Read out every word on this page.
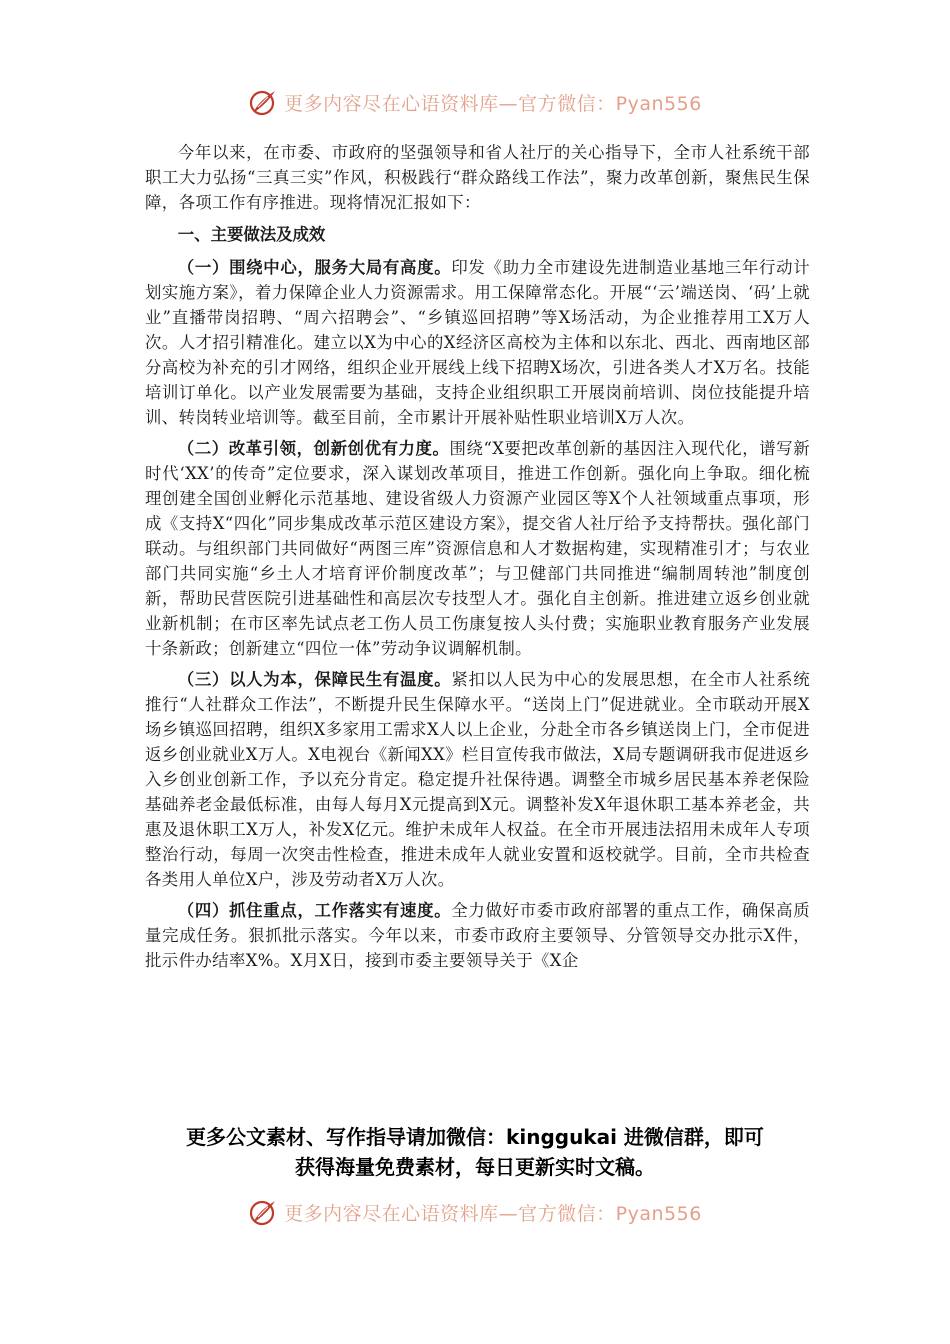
更多内容尽在心语资料库—官方微信：Pyan556

今年以来，在市委、市政府的坚强领导和省人社厅的关心指导下，全市人社系统干部职工大力弘扬“三真三实”作风，积极践行“群众路线工作法”，聚力改革创新，聚焦民生保障，各项工作有序推进。现将情况汇报如下：

一、主要做法及成效

（一）围绕中心，服务大局有高度。印发《助力全市建设先进制造业基地三年行动计划实施方案》，着力保障企业人力资源需求。用工保障常态化。开展“‘云’端送岗、‘码’上就业”直播带岗招聘、“周六招聘会”、“乡镇巡回招聘”等X场活动，为企业推荐用工X万人次。人才招引精准化。建立以X为中心的X经济区高校为主体和以东北、西北、西南地区部分高校为补充的引才网络，组织企业开展线上线下招聘X场次，引进各类人才X万名。技能培训订单化。以产业发展需要为基础，支持企业组织职工开展岗前培训、岗位技能提升培训、转岗转业培训等。截至目前，全市累计开展补贴性职业培训X万人次。

（二）改革引领，创新创优有力度。围绕“X要把改革创新的基因注入现代化，谱写新时代‘XX’的传奇”定位要求，深入谋划改革项目，推进工作创新。强化向上争取。细化梳理创建全国创业孵化示范基地、建设省级人力资源产业园区等X个人社领域重点事项，形成《支持X“四化”同步集成改革示范区建设方案》，提交省人社厅给予支持帮扶。强化部门联动。与组织部门共同做好“两图三库”资源信息和人才数据构建，实现精准引才；与农业部门共同实施“乡土人才培育评价制度改革”；与卫健部门共同推进“编制周转池”制度创新，帮助民营医院引进基础性和高层次专技型人才。强化自主创新。推进建立返乡创业就业新机制；在市区率先试点老工伤人员工伤康复按人头付费；实施职业教育服务产业发展十条新政；创新建立“四位一体”劳动争议调解机制。

（三）以人为本，保障民生有温度。紧扣以人民为中心的发展思想，在全市人社系统推行“人社群众工作法”，不断提升民生保障水平。“送岗上门”促进就业。全市联动开展X场乡镇巡回招聘，组织X多家用工需求X人以上企业，分赴全市各乡镇送岗上门，全市促进返乡创业就业X万人。X电视台《新闻XX》栏目宣传我市做法，X局专题调研我市促进返乡入乡创业创新工作，予以充分肯定。稳定提升社保待遇。调整全市城乡居民基本养老保险基础养老金最低标准，由每人每月X元提高到X元。调整补发X年退休职工基本养老金，共惠及退休职工X万人，补发X亿元。维护未成年人权益。在全市开展违法招用未成年人专项整治行动，每周一次突击性检查，推进未成年人就业安置和返校就学。目前，全市共检查各类用人单位X户，涉及劳动者X万人次。

（四）抓住重点，工作落实有速度。全力做好市委市政府部署的重点工作，确保高质量完成任务。狠抓批示落实。今年以来，市委市政府主要领导、分管领导交办批示X件，批示件办结率X%。X月X日，接到市委主要领导关于《X企

更多公文素材、写作指导请加微信：kinggukai 进微信群，即可
获得海量免费素材，每日更新实时文稿。
更多内容尽在心语资料库—官方微信：Pyan556
